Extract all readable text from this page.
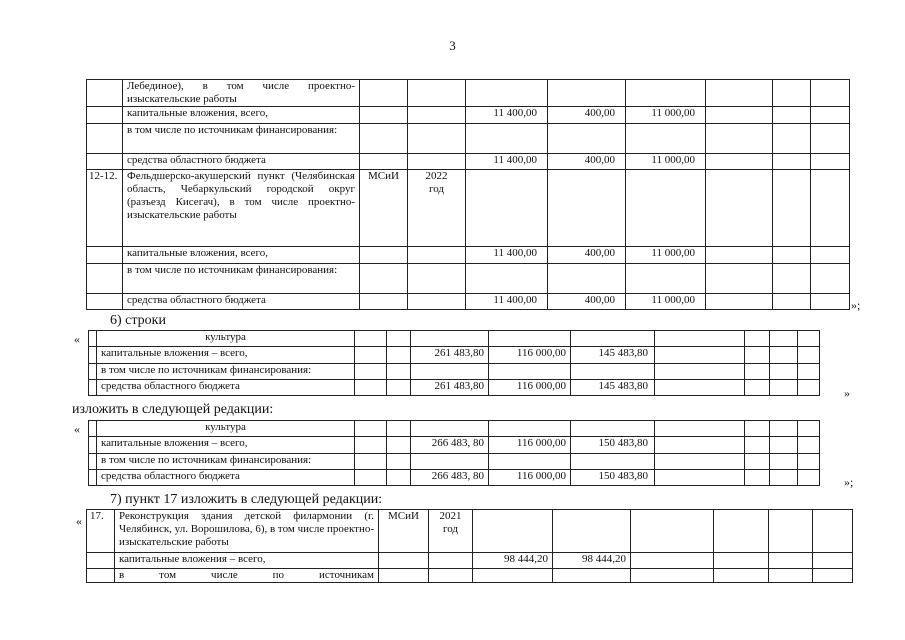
3
	Лебединое), в том числе проектно-изыскательские работы								
	капитальные вложения, всего,			11 400,00	400,00	11 000,00			
	в том числе по источникам финансирования:								
	средства областного бюджета			11 400,00	400,00	11 000,00			
12-12.	Фельдшерско-акушерский пункт (Челябинская область, Чебаркульский городской округ (разъезд Кисегач), в том числе проектно-изыскательские работы	МСиИ	2022 год						
	капитальные вложения, всего,			11 400,00	400,00	11 000,00			
	в том числе по источникам финансирования:								
	средства областного бюджета			11 400,00	400,00	11 000,00				»;
6) строки
«
		культура									
	капитальные вложения – всего,			261 483,80	116 000,00	145 483,80				
	в том числе по источникам финансирования:									
	средства областного бюджета			261 483,80	116 000,00	145 483,80					»
изложить в следующей редакции:
«
		культура									
	капитальные вложения – всего,			266 483, 80	116 000,00	150 483,80				
	в том числе по источникам финансирования:									
	средства областного бюджета			266 483, 80	116 000,00	150 483,80					»;
7) пункт 17 изложить в следующей редакции:
« 17.	Реконструкция здания детской филармонии (г. Челябинск, ул. Ворошилова, 6), в том числе проектно-изыскательские работы	МСиИ	2021 год						
	капитальные вложения – всего,			98 444,20	98 444,20				
	в том числе по источникам								
